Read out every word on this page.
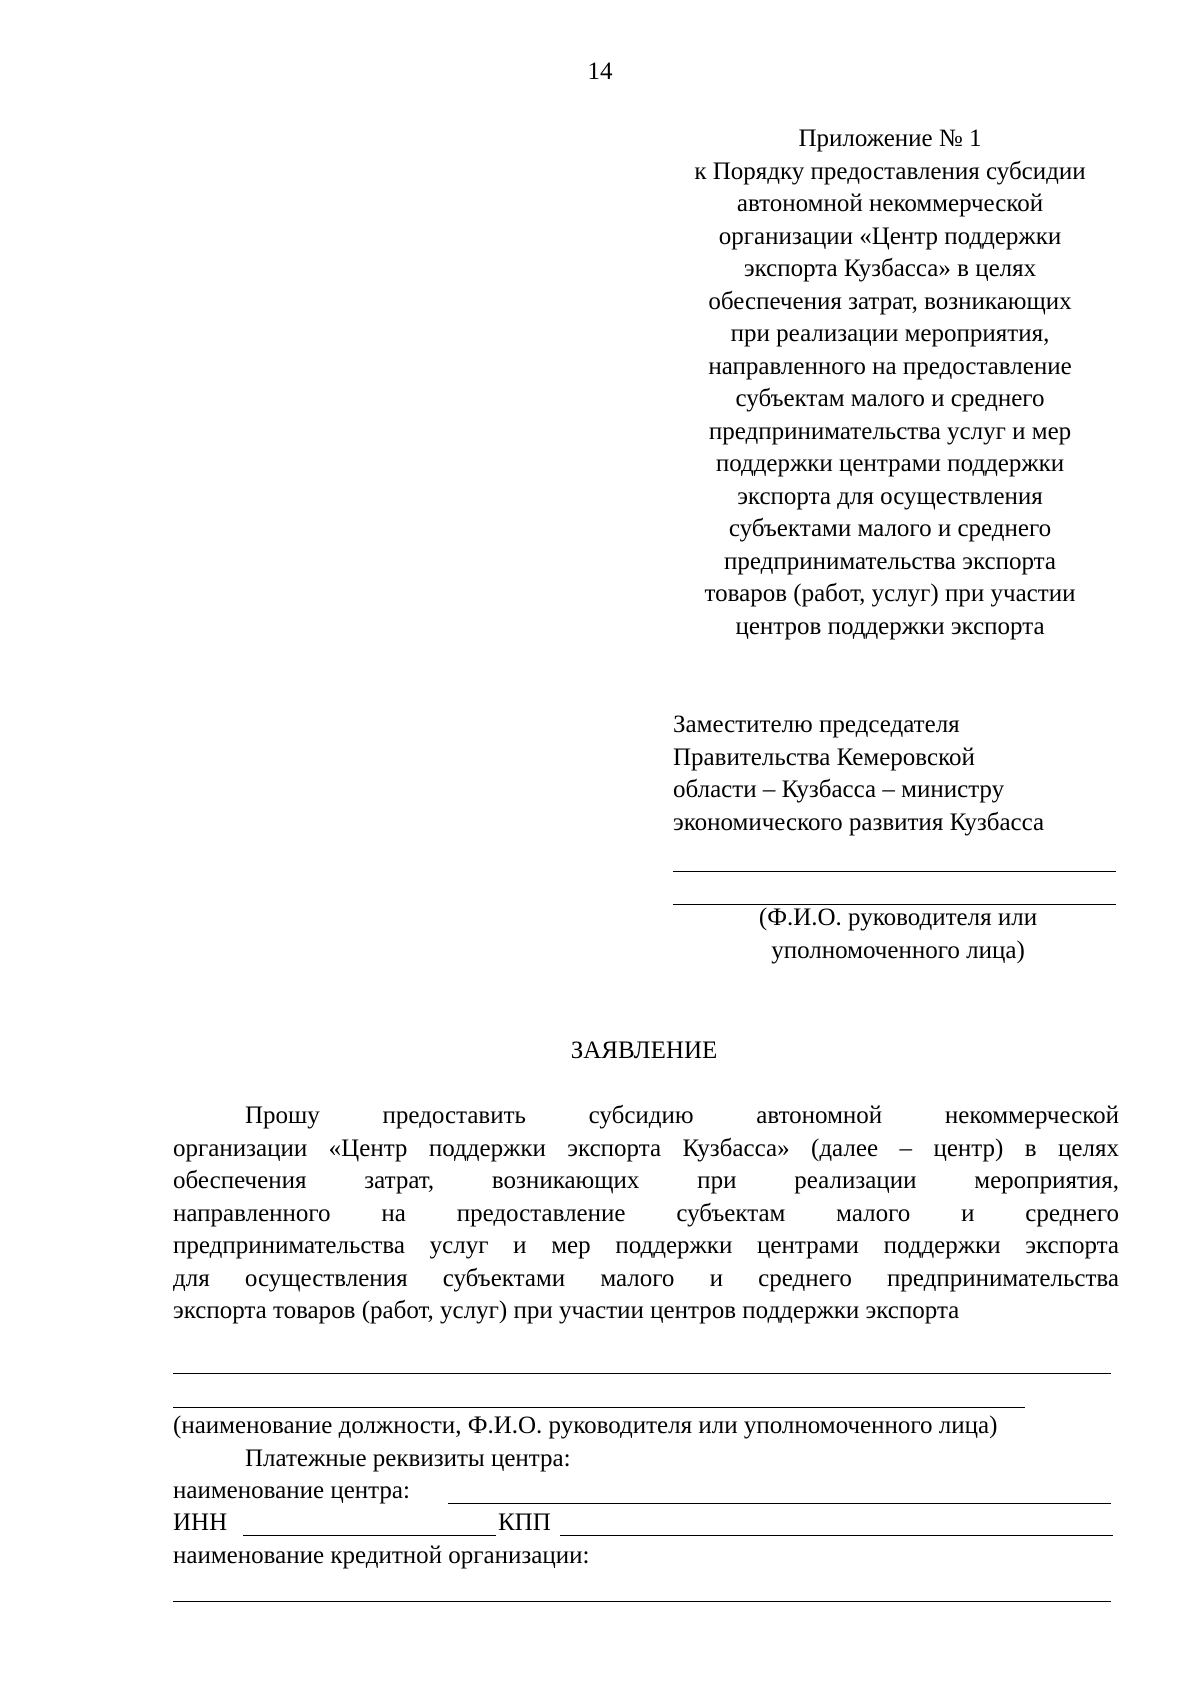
14
Приложение № 1
к Порядку предоставления субсидии
автономной некоммерческой
организации «Центр поддержки
экспорта Кузбасса» в целях
обеспечения затрат, возникающих
при реализации мероприятия,
направленного на предоставление
субъектам малого и среднего
предпринимательства услуг и мер
поддержки центрами поддержки
экспорта для осуществления
субъектами малого и среднего
предпринимательства экспорта
товаров (работ, услуг) при участии
центров поддержки экспорта
Заместителю председателя
Правительства Кемеровской
области – Кузбасса – министру
экономического развития Кузбасса
(Ф.И.О. руководителя или
уполномоченного лица)
ЗАЯВЛЕНИЕ
Прошу предоставить субсидию автономной некоммерческой
организации «Центр поддержки экспорта Кузбасса» (далее – центр) в целях
обеспечения затрат, возникающих при реализации мероприятия,
направленного на предоставление субъектам малого и среднего
предпринимательства услуг и мер поддержки центрами поддержки экспорта
для осуществления субъектами малого и среднего предпринимательства
экспорта товаров (работ, услуг) при участии центров поддержки экспорта
(наименование должности, Ф.И.О. руководителя или уполномоченного лица)
Платежные реквизиты центра:
наименование центра:
ИНН	КПП
наименование кредитной организации:
